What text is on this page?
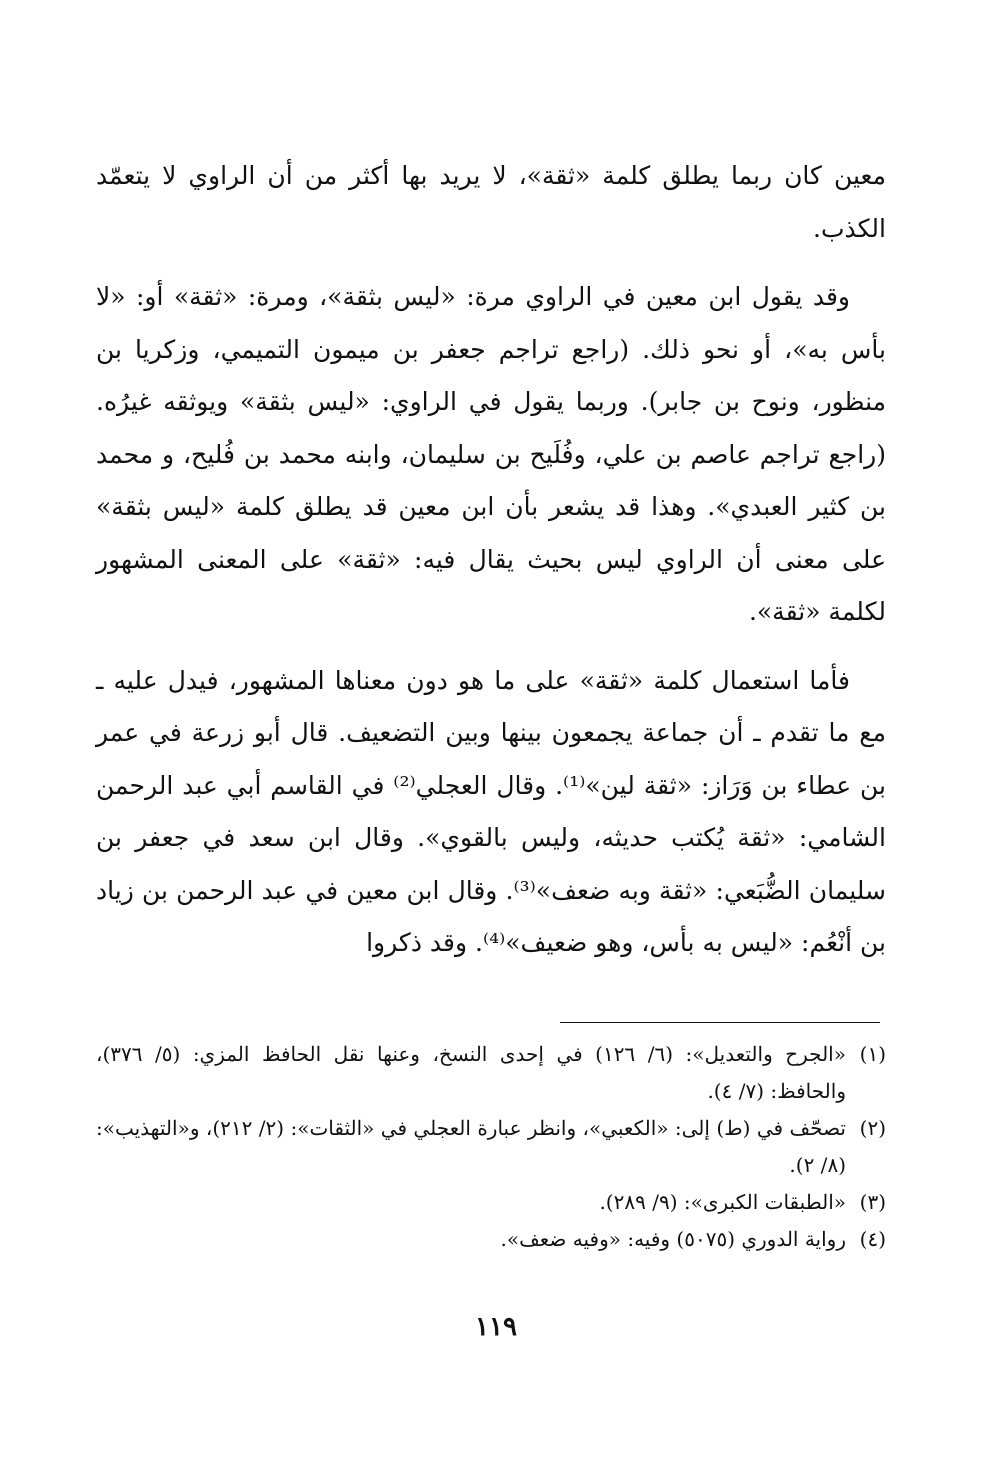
معين كان ربما يطلق كلمة «ثقة»، لا يريد بها أكثر من أن الراوي لا يتعمّد الكذب.

وقد يقول ابن معين في الراوي مرة: «ليس بثقة»، ومرة: «ثقة» أو: «لا بأس به»، أو نحو ذلك. (راجع تراجم جعفر بن ميمون التميمي، وزكريا بن منظور، ونوح بن جابر). وربما يقول في الراوي: «ليس بثقة» ويوثقه غيرُه. (راجع تراجم عاصم بن علي، وفُلَيح بن سليمان، وابنه محمد بن فُليح، و محمد بن كثير العبدي». وهذا قد يشعر بأن ابن معين قد يطلق كلمة «ليس بثقة» على معنى أن الراوي ليس بحيث يقال فيه: «ثقة» على المعنى المشهور لكلمة «ثقة».

فأما استعمال كلمة «ثقة» على ما هو دون معناها المشهور، فيدل عليه ـ مع ما تقدم ـ أن جماعة يجمعون بينها وبين التضعيف. قال أبو زرعة في عمر بن عطاء بن وَرَاز: «ثقة لين»⁽¹⁾. وقال العجلي⁽²⁾ في القاسم أبي عبد الرحمن الشامي: «ثقة يُكتب حديثه، وليس بالقوي». وقال ابن سعد في جعفر بن سليمان الضُّبَعي: «ثقة وبه ضعف»⁽³⁾. وقال ابن معين في عبد الرحمن بن زياد بن أنْعُم: «ليس به بأس، وهو ضعيف»⁽⁴⁾. وقد ذكروا

(١)
«الجرح والتعديل»: (٦/ ١٢٦) في إحدى النسخ، وعنها نقل الحافظ المزي: (٥/ ٣٧٦)، والحافظ: (٧/ ٤).
(٢)
تصحّف في (ط) إلى: «الكعبي»، وانظر عبارة العجلي في «الثقات»: (٢/ ٢١٢)، و«التهذيب»: (٨/ ٢).
(٣)
«الطبقات الكبرى»: (٩/ ٢٨٩).
(٤)
رواية الدوري (٥٠٧٥) وفيه: «وفيه ضعف».
١١٩
